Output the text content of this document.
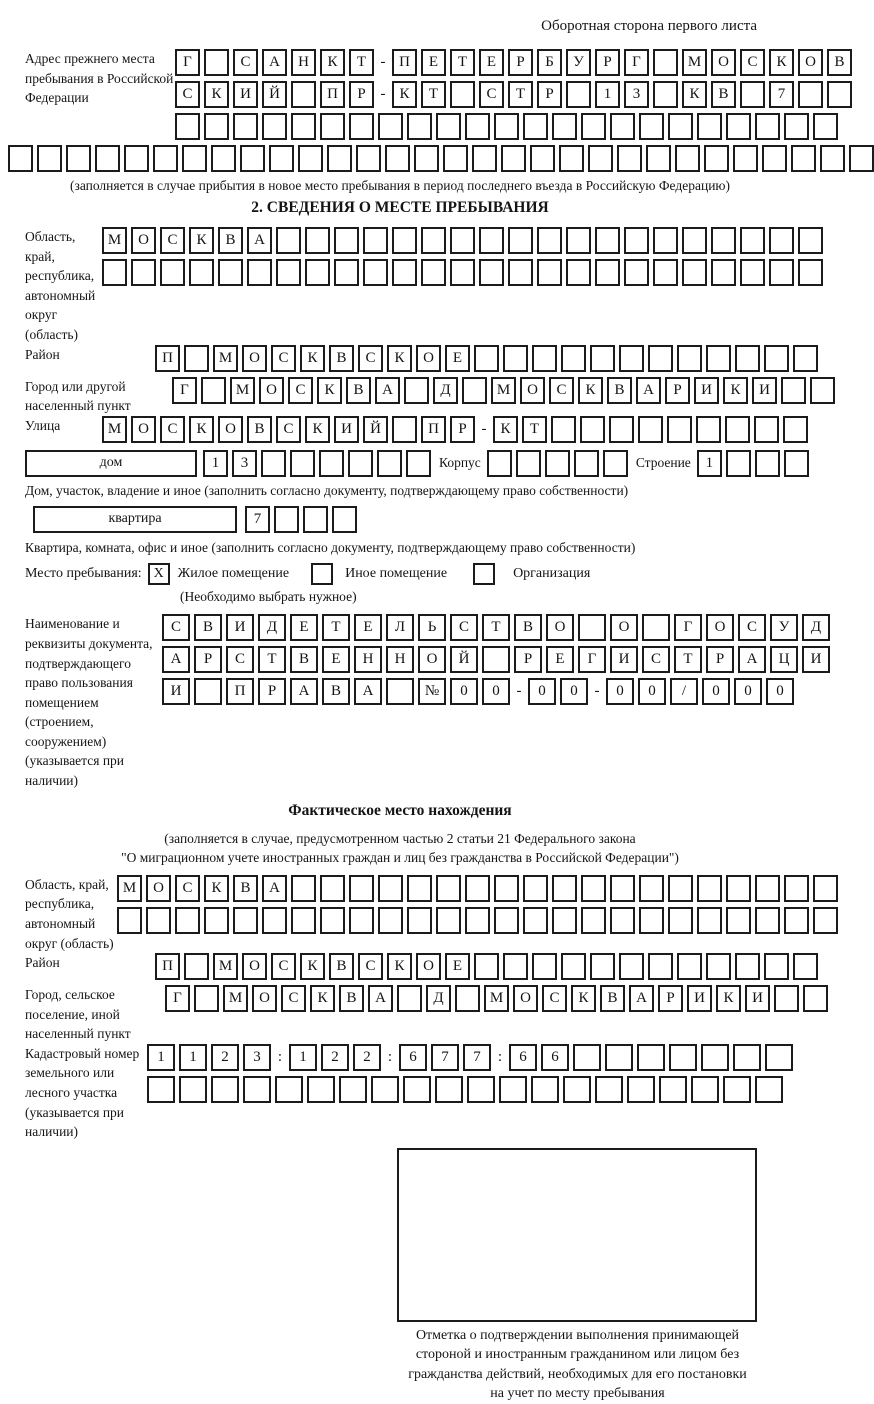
Оборотная сторона первого листа
Адрес прежнего места пребывания в Российской Федерации
Г	С	А	Н	К	Т - П	Е	Т	Е	Р	Б	У	Р	Г	М	О	С	К	О	В
С	К	И	Й	П	Р - К	Т	С	Т	Р	1	3	К	В	7
(заполняется в случае прибытия в новое место пребывания в период последнего въезда в Российскую Федерацию)
2. СВЕДЕНИЯ О МЕСТЕ ПРЕБЫВАНИЯ
Область, край, республика, автономный округ (область)
М	О	С	К	В	А
Район	П	М	О	С	К	В	С	К	О	Е
Город или другой населенный пункт
Г	М	О	С	К	В	А	Д	М	О	С	К	В	А	Р	И	К	И
Улица	М	О	С	К	О	В	С	К	И	Й	П	Р - К	Т
дом	1	3	Корпус	Строение 1
Дом, участок, владение и иное (заполнить согласно документу, подтверждающему право собственности)
квартира	7
Квартира, комната, офис и иное (заполнить согласно документу, подтверждающему право собственности)
Место пребывания: X Жилое помещение	Иное помещение	Организация
(Необходимо выбрать нужное)
Наименование и реквизиты документа, подтверждающего право пользования помещением (строением, сооружением) (указывается при наличии)
С	В	И	Д	Е	Т	Е	Л	Ь	С	Т	В	О	О	Г	О	С	У	Д
А	Р	С	Т	В	Е	Н	Н	О	Й	Р	Е	Г	И	С	Т	Р	А	Ц	И
И	П	Р	А	В	А	№	0	0	-	0	0	-	0	0	/	0	0	0
Фактическое место нахождения
(заполняется в случае, предусмотренном частью 2 статьи 21 Федерального закона
"О миграционном учете иностранных граждан и лиц без гражданства в Российской Федерации")
Область, край, республика, автономный округ (область)
М	О	С	К	В	А
Район	П	М	О	С	К	В	С	К	О	Е
Город, сельское поселение, иной населенный пункт
Г	М	О	С	К	В	А	Д	М	О	С	К	В	А	Р	И	К	И
Кадастровый номер земельного или лесного участка (указывается при наличии)
1	1	2	3	:	1	2	2	:	6	7	7	:	6	6
Отметка о подтверждении выполнения принимающей стороной и иностранным гражданином или лицом без гражданства действий, необходимых для его постановки на учет по месту пребывания
